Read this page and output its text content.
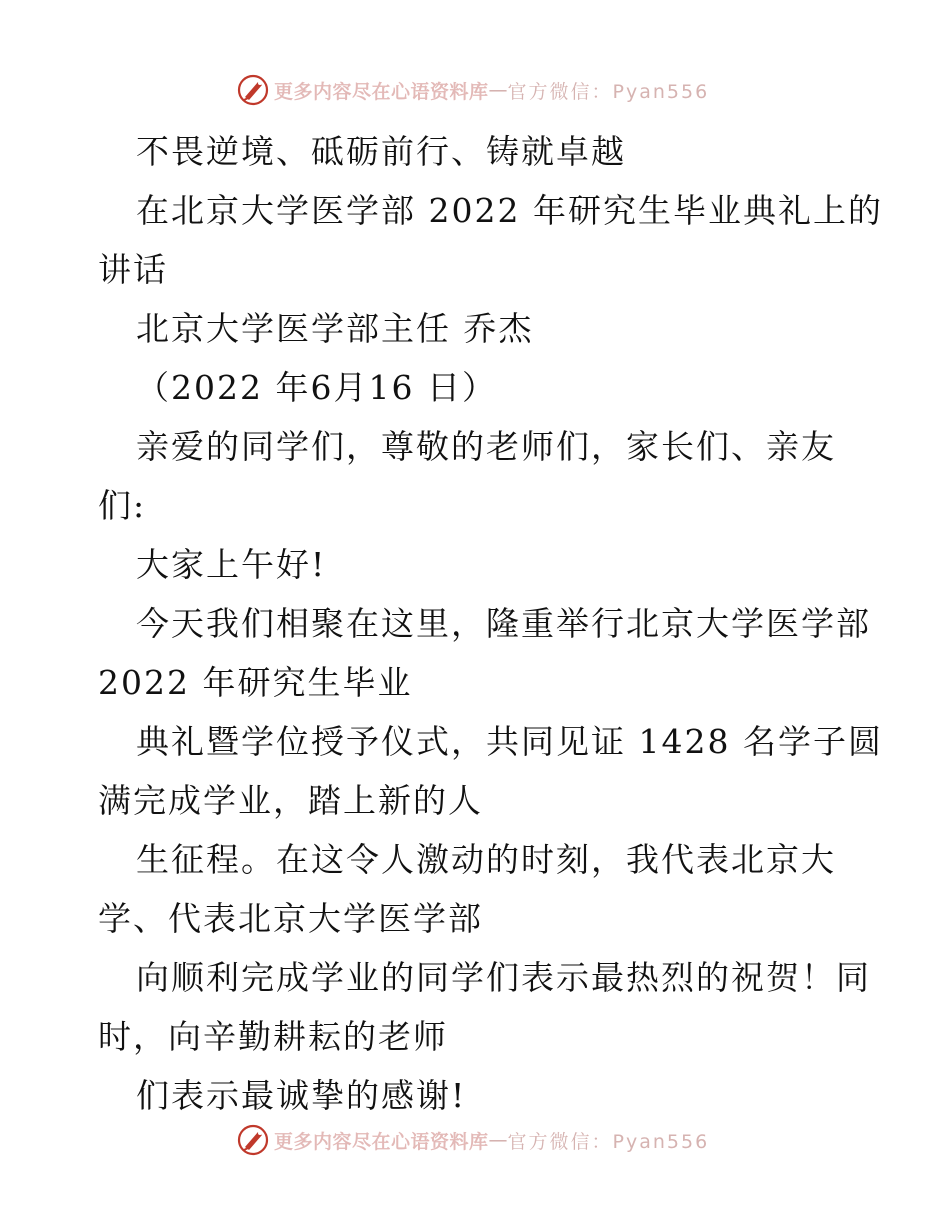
更多内容尽在心语资料库 — 官方微信：Pyan556
不畏逆境、砥砺前行、铸就卓越
在北京大学医学部 2022 年研究生毕业典礼上的
讲话
北京大学医学部主任 乔杰
（2022 年6月16 日）
亲爱的同学们，尊敬的老师们，家长们、亲友
们:
大家上午好!
今天我们相聚在这里，隆重举行北京大学医学部
2022 年研究生毕业
典礼暨学位授予仪式，共同见证 1428 名学子圆
满完成学业，踏上新的人
生征程。在这令人激动的时刻，我代表北京大
学、代表北京大学医学部
向顺利完成学业的同学们表示最热烈的祝贺！同
时，向辛勤耕耘的老师
们表示最诚挚的感谢!
更多内容尽在心语资料库 — 官方微信：Pyan556
